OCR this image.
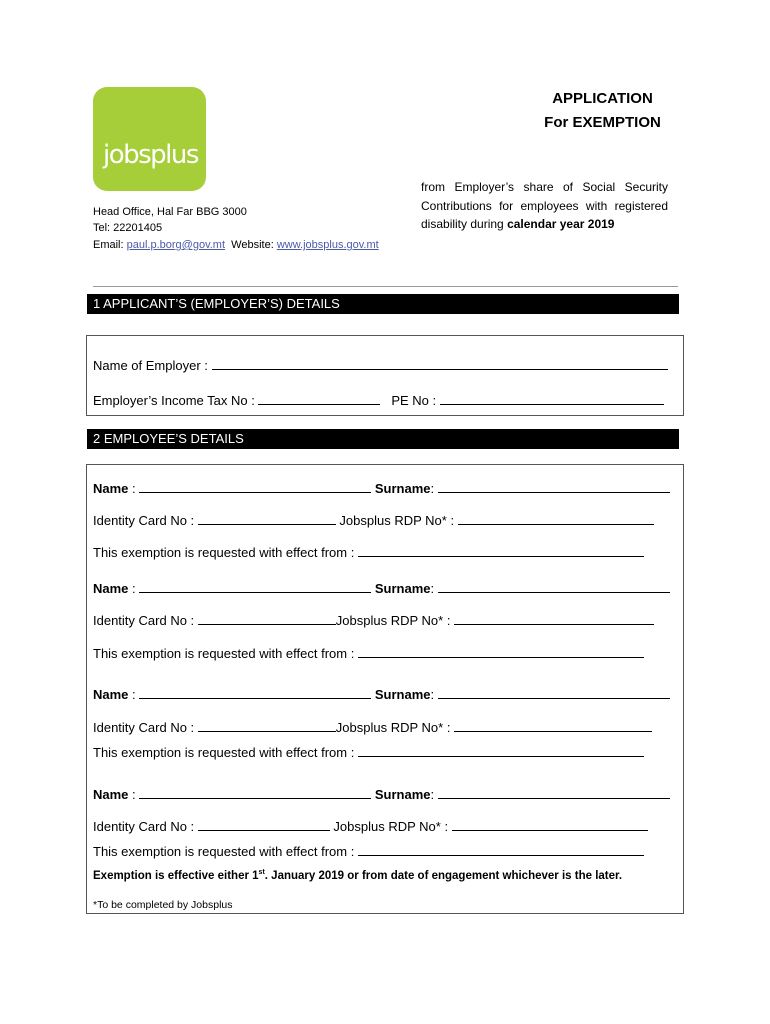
jobsplus
APPLICATION
For EXEMPTION
Head Office, Hal Far BBG 3000
Tel: 22201405
Email: paul.p.borg@gov.mt Website: www.jobsplus.gov.mt
from Employer’s share of Social Security Contributions for employees with registered disability during calendar year 2019
1 APPLICANT’S (EMPLOYER’S) DETAILS
Name of Employer :
Employer’s Income Tax No :	PE No :
2 EMPLOYEE’S DETAILS
Name :	Surname:
Identity Card No :	Jobsplus RDP No* :
This exemption is requested with effect from :
Name :	Surname:
Identity Card No :	Jobsplus RDP No* :
This exemption is requested with effect from :
Name :	Surname:
Identity Card No :	Jobsplus RDP No* :
This exemption is requested with effect from :
Name :	Surname:
Identity Card No :	Jobsplus RDP No* :
This exemption is requested with effect from :
Exemption is effective either 1st. January 2019 or from date of engagement whichever is the later.
*To be completed by Jobsplus
